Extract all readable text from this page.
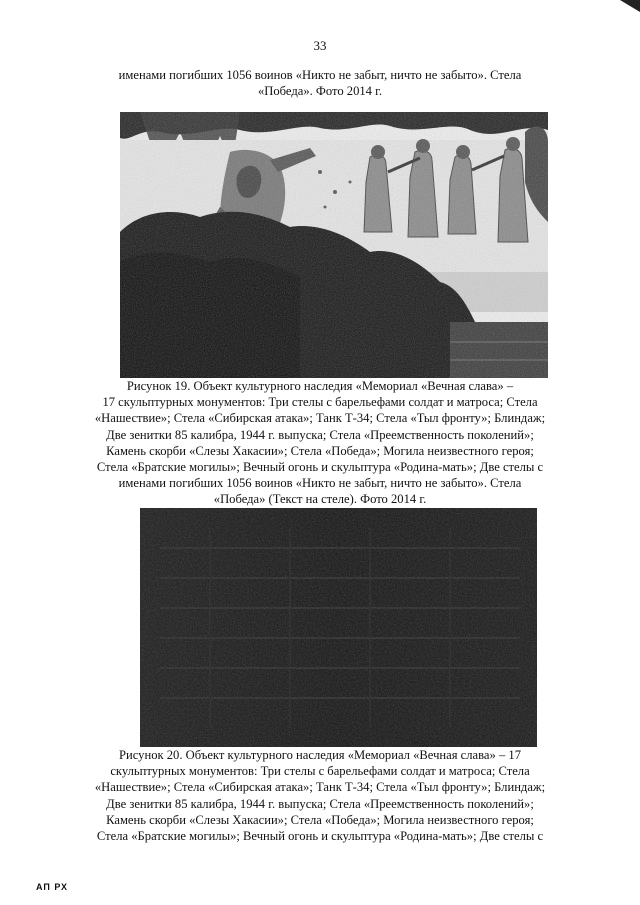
33
именами погибших 1056 воинов «Никто не забыт, ничто не забыто». Стела
«Победа». Фото 2014 г.
Рисунок 19. Объект культурного наследия «Мемориал «Вечная слава» –
17 скульптурных монументов: Три стелы с барельефами солдат и матроса; Стела
«Нашествие»; Стела «Сибирская атака»; Танк Т-34; Стела «Тыл фронту»; Блиндаж;
Две зенитки 85 калибра, 1944 г. выпуска; Стела «Преемственность поколений»;
Камень скорби «Слезы Хакасии»; Стела «Победа»; Могила неизвестного героя;
Стела «Братские могилы»; Вечный огонь и скульптура «Родина-мать»; Две стелы с
именами погибших 1056 воинов «Никто не забыт, ничто не забыто». Стела
«Победа» (Текст на стеле). Фото 2014 г.
Рисунок 20. Объект культурного наследия «Мемориал «Вечная слава» – 17
скульптурных монументов: Три стелы с барельефами солдат и матроса; Стела
«Нашествие»; Стела «Сибирская атака»; Танк Т-34; Стела «Тыл фронту»; Блиндаж;
Две зенитки 85 калибра, 1944 г. выпуска; Стела «Преемственность поколений»;
Камень скорби «Слезы Хакасии»; Стела «Победа»; Могила неизвестного героя;
Стела «Братские могилы»; Вечный огонь и скульптура «Родина-мать»; Две стелы с
АП РХ
